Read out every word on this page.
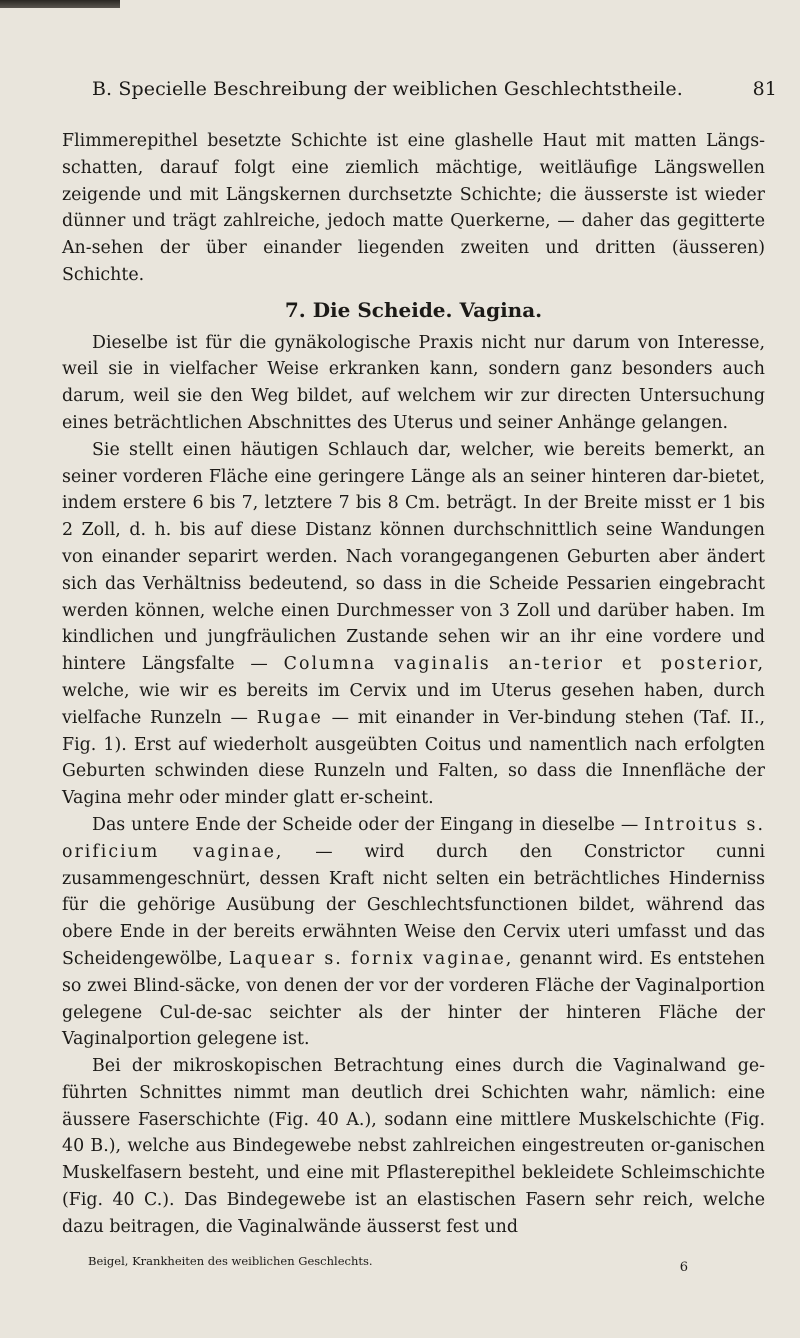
B. Specielle Beschreibung der weiblichen Geschlechtstheile.	81

Flimmerepithel besetzte Schichte ist eine glashelle Haut mit matten Längs-schatten, darauf folgt eine ziemlich mächtige, weitläufige Längswellen zeigende und mit Längskernen durchsetzte Schichte; die äusserste ist wieder dünner und trägt zahlreiche, jedoch matte Querkerne, — daher das gegitterte An-sehen der über einander liegenden zweiten und dritten (äusseren) Schichte.

7. Die Scheide. Vagina.

Dieselbe ist für die gynäkologische Praxis nicht nur darum von Interesse, weil sie in vielfacher Weise erkranken kann, sondern ganz besonders auch darum, weil sie den Weg bildet, auf welchem wir zur directen Untersuchung eines beträchtlichen Abschnittes des Uterus und seiner Anhänge gelangen.

Sie stellt einen häutigen Schlauch dar, welcher, wie bereits bemerkt, an seiner vorderen Fläche eine geringere Länge als an seiner hinteren dar-bietet, indem erstere 6 bis 7, letztere 7 bis 8 Cm. beträgt. In der Breite misst er 1 bis 2 Zoll, d. h. bis auf diese Distanz können durchschnittlich seine Wandungen von einander separirt werden. Nach vorangegangenen Geburten aber ändert sich das Verhältniss bedeutend, so dass in die Scheide Pessarien eingebracht werden können, welche einen Durchmesser von 3 Zoll und darüber haben. Im kindlichen und jungfräulichen Zustande sehen wir an ihr eine vordere und hintere Längsfalte — Columna vaginalis an-terior et posterior, welche, wie wir es bereits im Cervix und im Uterus gesehen haben, durch vielfache Runzeln — Rugae — mit einander in Ver-bindung stehen (Taf. II., Fig. 1). Erst auf wiederholt ausgeübten Coitus und namentlich nach erfolgten Geburten schwinden diese Runzeln und Falten, so dass die Innenfläche der Vagina mehr oder minder glatt er-scheint.

Das untere Ende der Scheide oder der Eingang in dieselbe — Introitus s. orificium vaginae, — wird durch den Constrictor cunni zusammengeschnürt, dessen Kraft nicht selten ein beträchtliches Hinderniss für die gehörige Ausübung der Geschlechtsfunctionen bildet, während das obere Ende in der bereits erwähnten Weise den Cervix uteri umfasst und das Scheidengewölbe, Laquear s. fornix vaginae, genannt wird. Es entstehen so zwei Blind-säcke, von denen der vor der vorderen Fläche der Vaginalportion gelegene Cul-de-sac seichter als der hinter der hinteren Fläche der Vaginalportion gelegene ist.

Bei der mikroskopischen Betrachtung eines durch die Vaginalwand ge-führten Schnittes nimmt man deutlich drei Schichten wahr, nämlich: eine äussere Faserschichte (Fig. 40 A.), sodann eine mittlere Muskelschichte (Fig. 40 B.), welche aus Bindegewebe nebst zahlreichen eingestreuten or-ganischen Muskelfasern besteht, und eine mit Pflasterepithel bekleidete Schleimschichte (Fig. 40 C.). Das Bindegewebe ist an elastischen Fasern sehr reich, welche dazu beitragen, die Vaginalwände äusserst fest und

Beigel, Krankheiten des weiblichen Geschlechts.	6
